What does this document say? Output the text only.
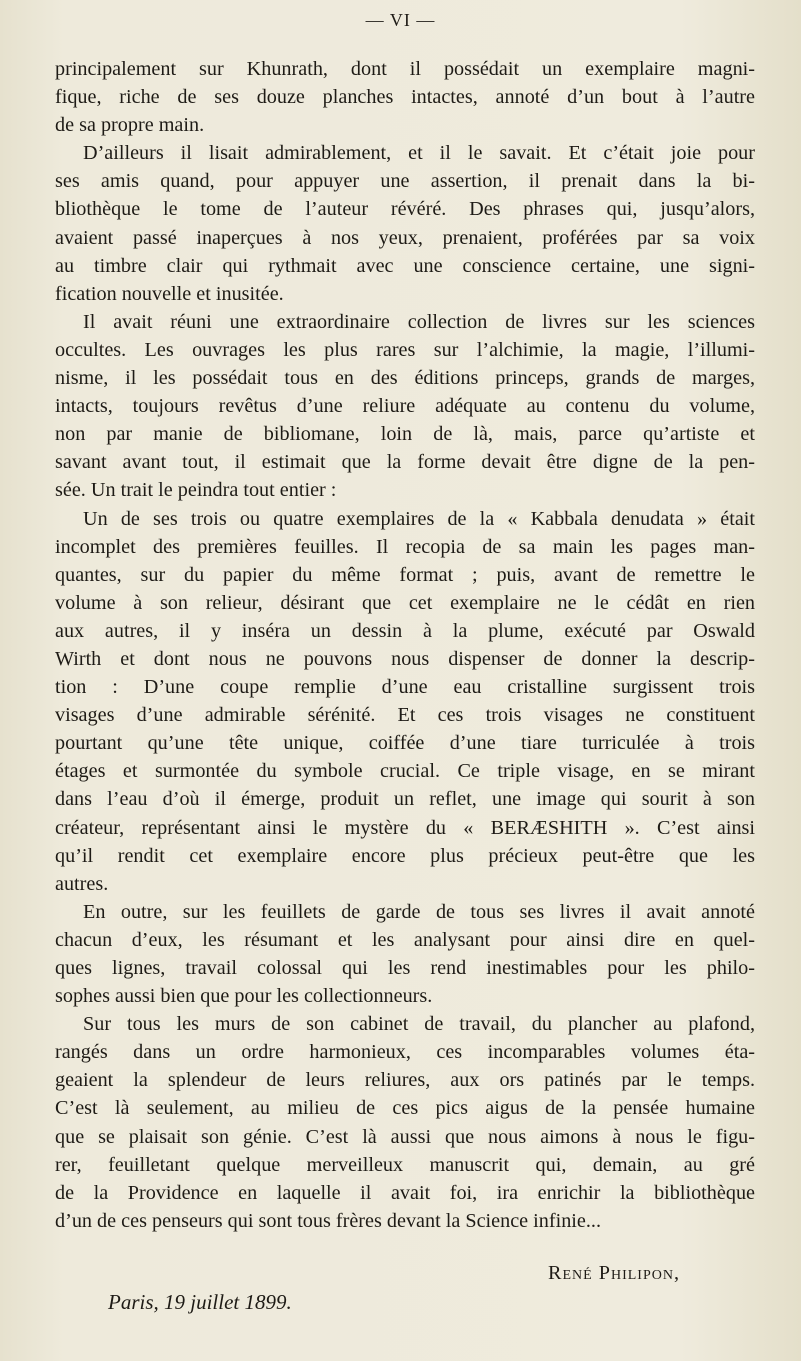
— VI —
principalement sur Khunrath, dont il possédait un exemplaire magni-
fique, riche de ses douze planches intactes, annoté d’un bout à l’autre
de sa propre main.
D’ailleurs il lisait admirablement, et il le savait. Et c’était joie pour
ses amis quand, pour appuyer une assertion, il prenait dans la bi-
bliothèque le tome de l’auteur révéré. Des phrases qui, jusqu’alors,
avaient passé inaperçues à nos yeux, prenaient, proférées par sa voix
au timbre clair qui rythmait avec une conscience certaine, une signi-
fication nouvelle et inusitée.
Il avait réuni une extraordinaire collection de livres sur les sciences
occultes. Les ouvrages les plus rares sur l’alchimie, la magie, l’illumi-
nisme, il les possédait tous en des éditions princeps, grands de marges,
intacts, toujours revêtus d’une reliure adéquate au contenu du volume,
non par manie de bibliomane, loin de là, mais, parce qu’artiste et
savant avant tout, il estimait que la forme devait être digne de la pen-
sée. Un trait le peindra tout entier :
Un de ses trois ou quatre exemplaires de la « Kabbala denudata » était
incomplet des premières feuilles. Il recopia de sa main les pages man-
quantes, sur du papier du même format ; puis, avant de remettre le
volume à son relieur, désirant que cet exemplaire ne le cédât en rien
aux autres, il y inséra un dessin à la plume, exécuté par Oswald
Wirth et dont nous ne pouvons nous dispenser de donner la descrip-
tion : D’une coupe remplie d’une eau cristalline surgissent trois
visages d’une admirable sérénité. Et ces trois visages ne constituent
pourtant qu’une tête unique, coiffée d’une tiare turriculée à trois
étages et surmontée du symbole crucial. Ce triple visage, en se mirant
dans l’eau d’où il émerge, produit un reflet, une image qui sourit à son
créateur, représentant ainsi le mystère du « BERÆSHITH ». C’est ainsi
qu’il rendit cet exemplaire encore plus précieux peut-être que les
autres.
En outre, sur les feuillets de garde de tous ses livres il avait annoté
chacun d’eux, les résumant et les analysant pour ainsi dire en quel-
ques lignes, travail colossal qui les rend inestimables pour les philo-
sophes aussi bien que pour les collectionneurs.
Sur tous les murs de son cabinet de travail, du plancher au plafond,
rangés dans un ordre harmonieux, ces incomparables volumes éta-
geaient la splendeur de leurs reliures, aux ors patinés par le temps.
C’est là seulement, au milieu de ces pics aigus de la pensée humaine
que se plaisait son génie. C’est là aussi que nous aimons à nous le figu-
rer, feuilletant quelque merveilleux manuscrit qui, demain, au gré
de la Providence en laquelle il avait foi, ira enrichir la bibliothèque
d’un de ces penseurs qui sont tous frères devant la Science infinie...
René Philipon,
Paris, 19 juillet 1899.
